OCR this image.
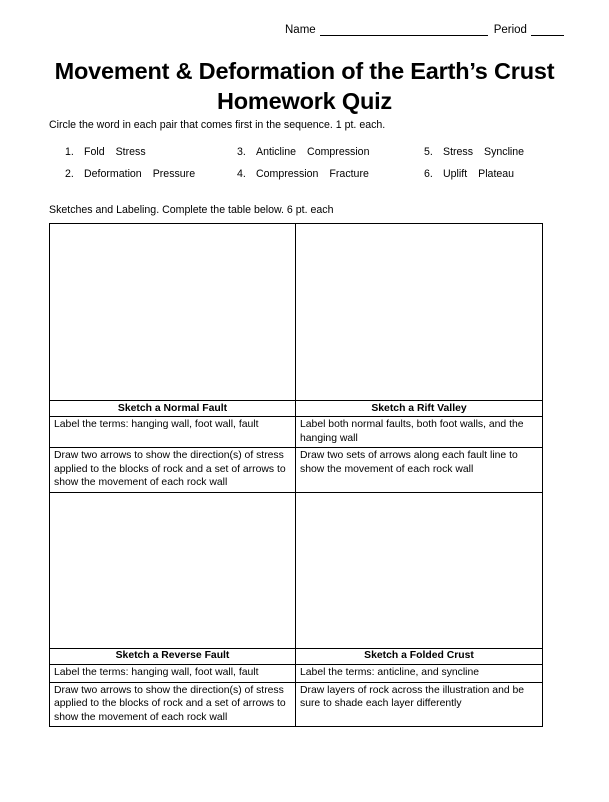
Name	Period
Movement & Deformation of the Earth’s Crust
Homework Quiz
Circle the word in each pair that comes first in the sequence. 1 pt. each.
1. Fold	Stress
2. Deformation	Pressure
3. Anticline	Compression
4. Compression	Fracture
5. Stress	Syncline
6. Uplift	Plateau
Sketches and Labeling. Complete the table below. 6 pt. each

Sketch a Normal Fault	Sketch a Rift Valley
Label the terms: hanging wall, foot wall, fault	Label both normal faults, both foot walls, and the hanging wall
Draw two arrows to show the direction(s) of stress applied to the blocks of rock and a set of arrows to show the movement of each rock wall	Draw two sets of arrows along each fault line to show the movement of each rock wall

Sketch a Reverse Fault	Sketch a Folded Crust
Label the terms: hanging wall, foot wall, fault	Label the terms: anticline, and syncline
Draw two arrows to show the direction(s) of stress applied to the blocks of rock and a set of arrows to show the movement of each rock wall	Draw layers of rock across the illustration and be sure to shade each layer differently
